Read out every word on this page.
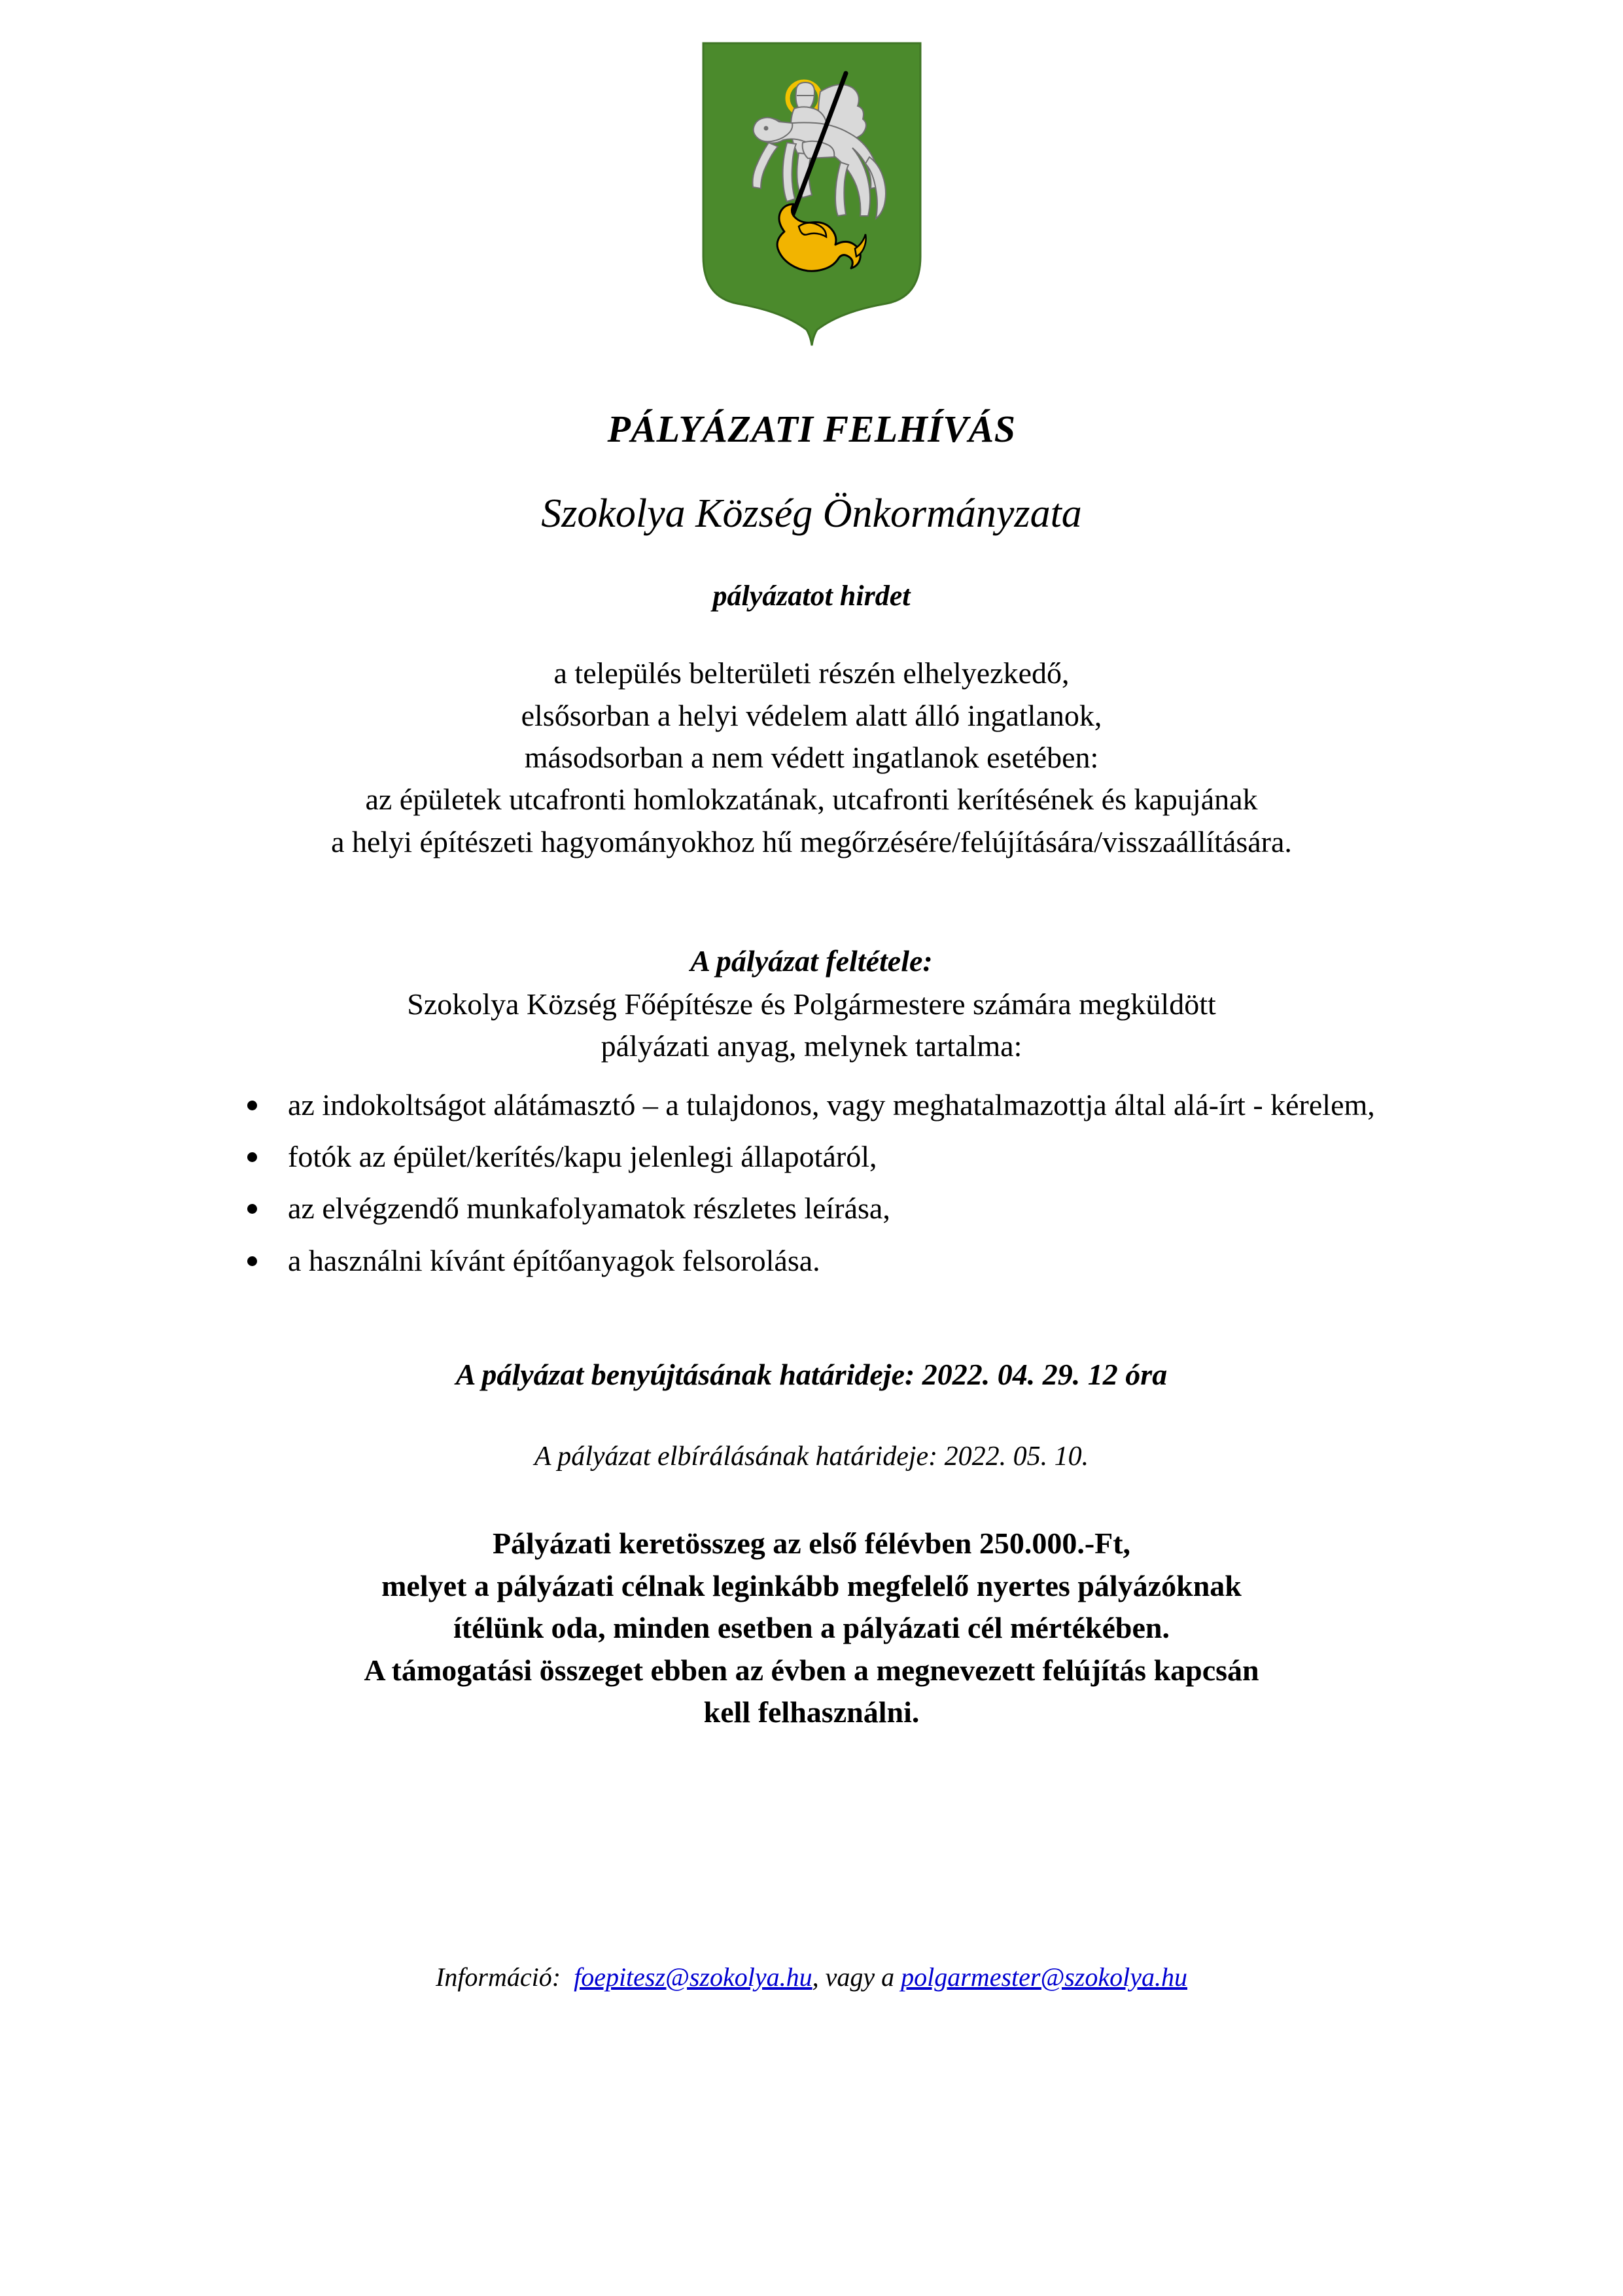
PÁLYÁZATI FELHÍVÁS
Szokolya Község Önkormányzata
pályázatot hirdet
a település belterületi részén elhelyezkedő,
elsősorban a helyi védelem alatt álló ingatlanok,
másodsorban a nem védett ingatlanok esetében:
az épületek utcafronti homlokzatának, utcafronti kerítésének és kapujának
a helyi építészeti hagyományokhoz hű megőrzésére/felújítására/visszaállítására.
A pályázat feltétele:
Szokolya Község Főépítésze és Polgármestere számára megküldött
pályázati anyag, melynek tartalma:
az indokoltságot alátámasztó – a tulajdonos, vagy meghatalmazottja által alá-írt - kérelem,
fotók az épület/kerítés/kapu jelenlegi állapotáról,
az elvégzendő munkafolyamatok részletes leírása,
a használni kívánt építőanyagok felsorolása.
A pályázat benyújtásának határideje: 2022. 04. 29. 12 óra
A pályázat elbírálásának határideje: 2022. 05. 10.
Pályázati keretösszeg az első félévben 250.000.-Ft,
melyet a pályázati célnak leginkább megfelelő nyertes pályázóknak
ítélünk oda, minden esetben a pályázati cél mértékében.
A támogatási összeget ebben az évben a megnevezett felújítás kapcsán
kell felhasználni.
Információ: foepitesz@szokolya.hu, vagy a polgarmester@szokolya.hu
